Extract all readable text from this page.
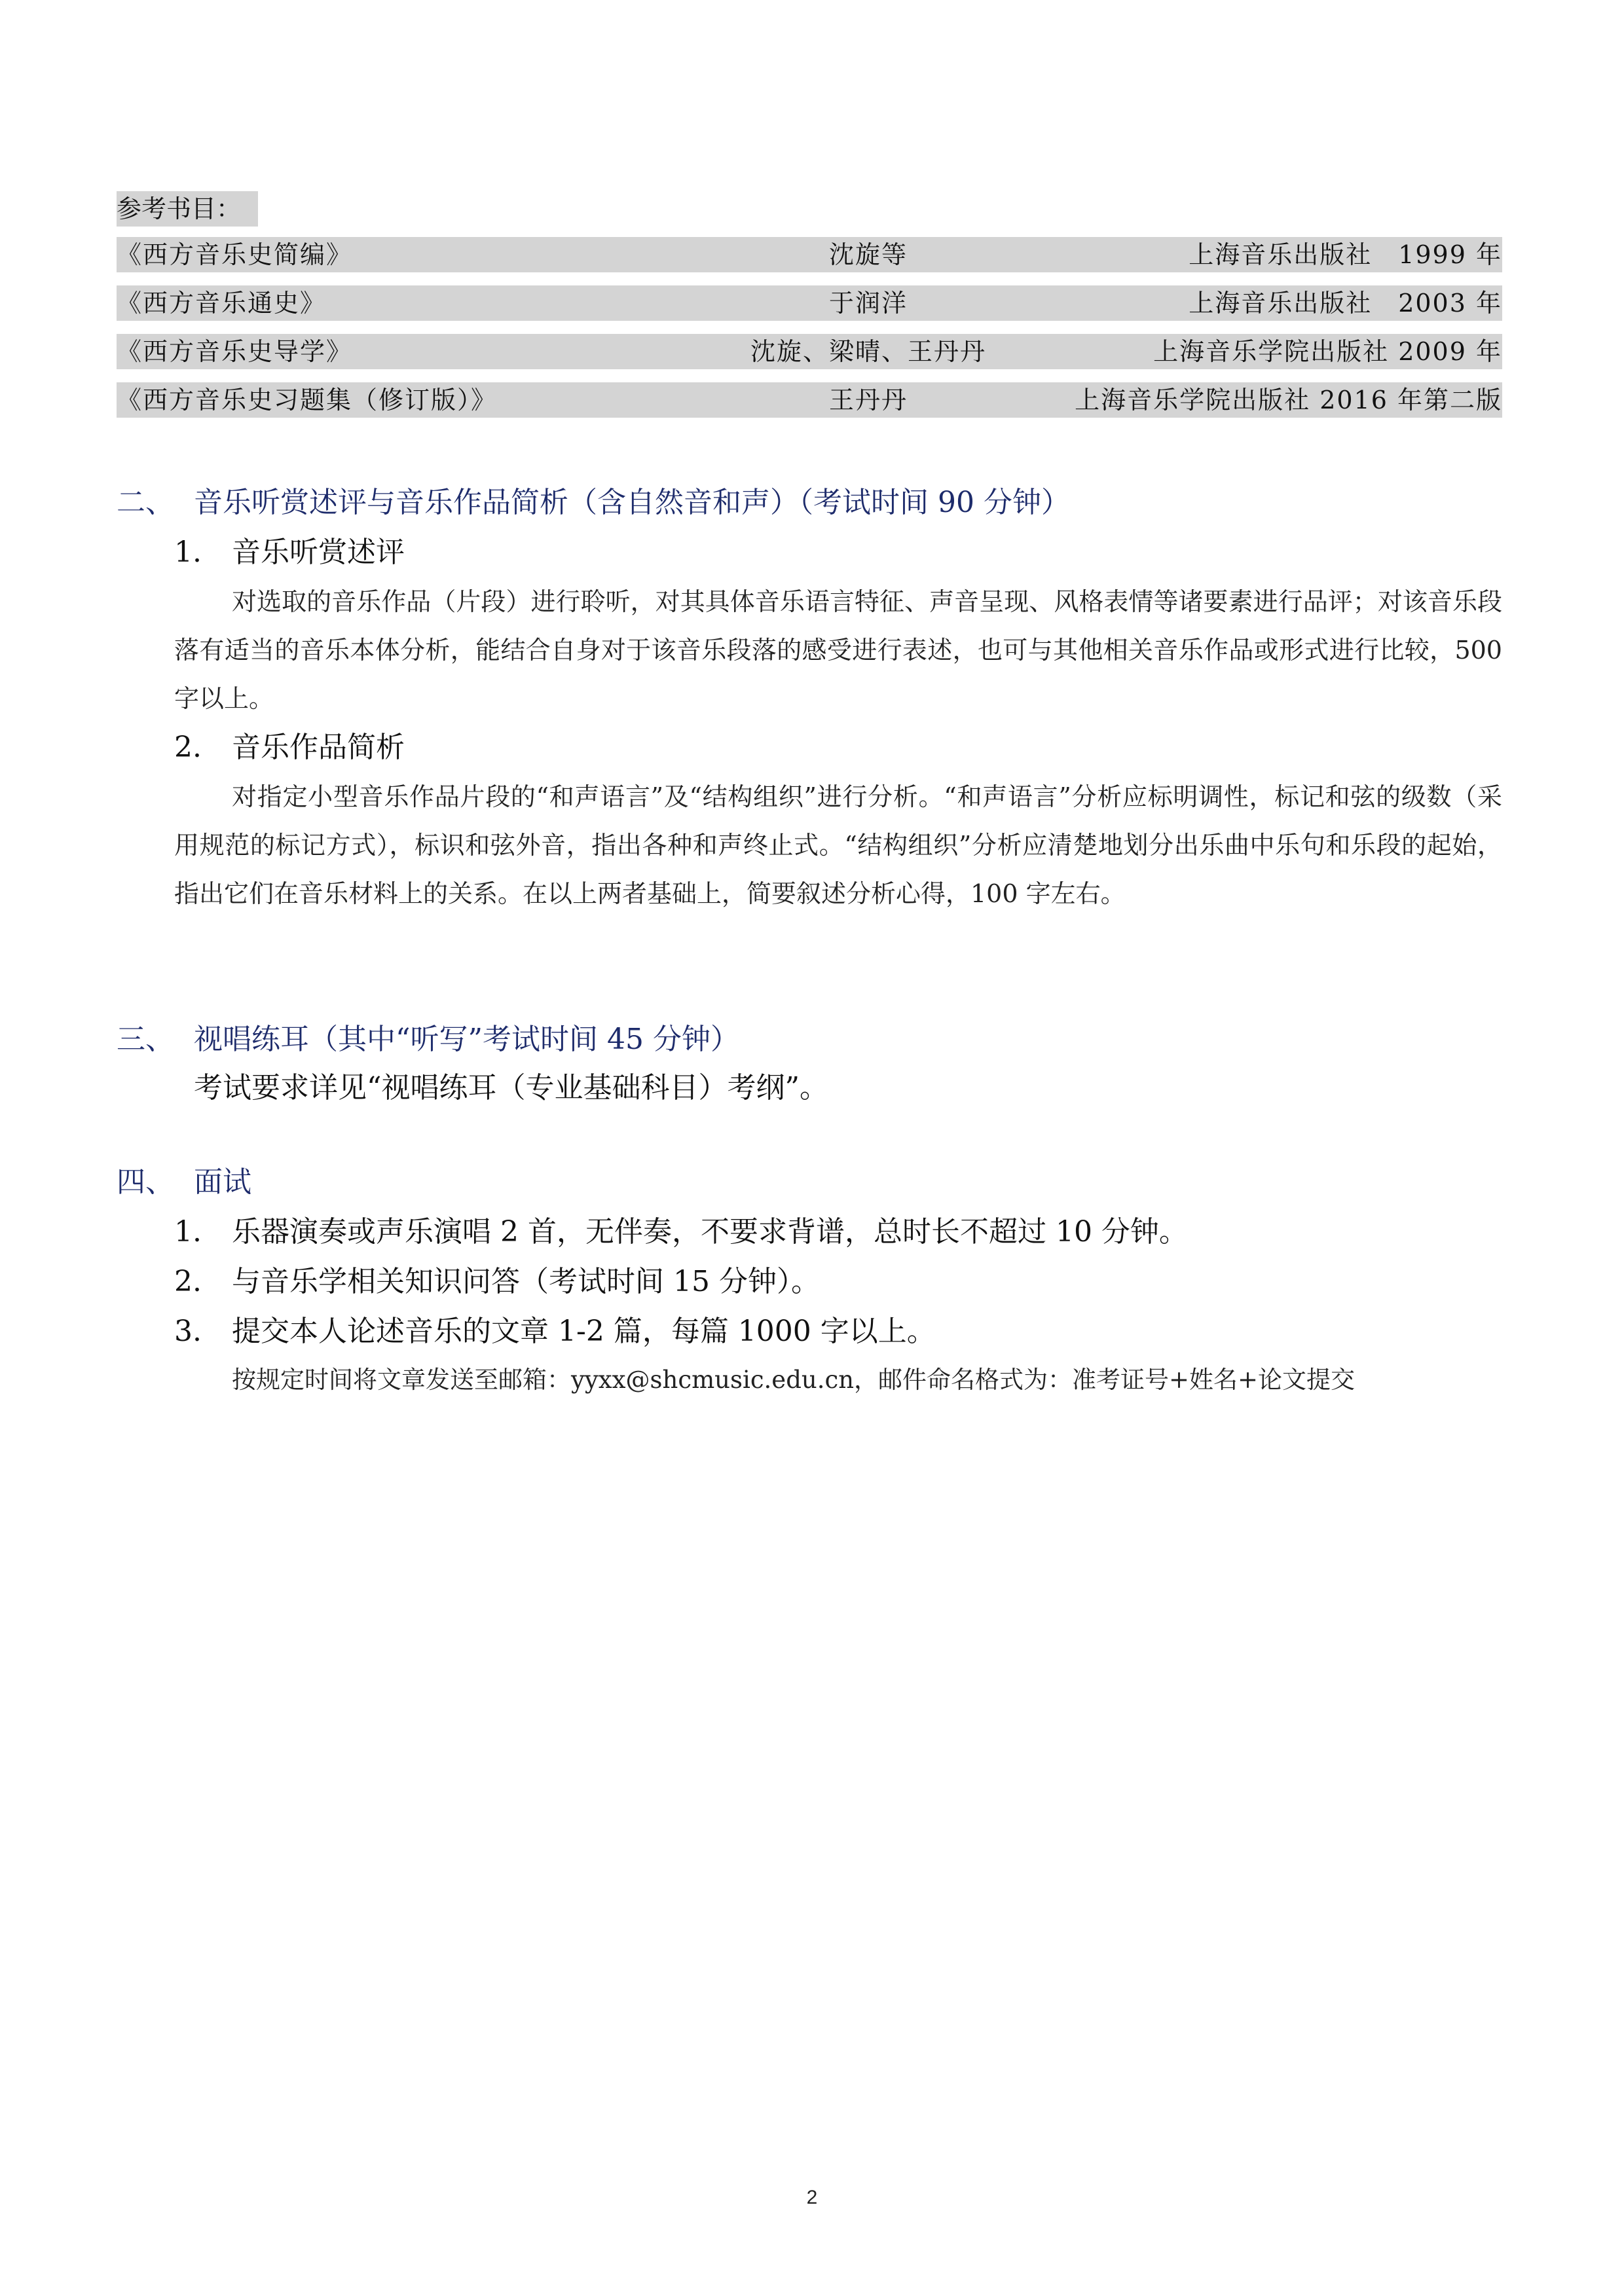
参考书目：
《西方音乐史简编》	沈旋等	上海音乐出版社　1999 年
《西方音乐通史》	于润洋	上海音乐出版社　2003 年
《西方音乐史导学》	沈旋、梁晴、王丹丹	上海音乐学院出版社 2009 年
《西方音乐史习题集（修订版）》	王丹丹	上海音乐学院出版社 2016 年第二版
二、 音乐听赏述评与音乐作品简析（含自然音和声）（考试时间 90 分钟）
1. 音乐听赏述评
对选取的音乐作品（片段）进行聆听，对其具体音乐语言特征、声音呈现、风格表情等诸要素进行品评；对该音乐段落有适当的音乐本体分析，能结合自身对于该音乐段落的感受进行表述，也可与其他相关音乐作品或形式进行比较，500 字以上。
2. 音乐作品简析
对指定小型音乐作品片段的“和声语言”及“结构组织”进行分析。“和声语言”分析应标明调性，标记和弦的级数（采用规范的标记方式），标识和弦外音，指出各种和声终止式。“结构组织”分析应清楚地划分出乐曲中乐句和乐段的起始，指出它们在音乐材料上的关系。在以上两者基础上，简要叙述分析心得，100 字左右。
三、 视唱练耳（其中“听写”考试时间 45 分钟）
考试要求详见“视唱练耳（专业基础科目）考纲”。
四、 面试
1. 乐器演奏或声乐演唱 2 首，无伴奏，不要求背谱，总时长不超过 10 分钟。
2. 与音乐学相关知识问答（考试时间 15 分钟）。
3. 提交本人论述音乐的文章 1-2 篇，每篇 1000 字以上。
按规定时间将文章发送至邮箱：yyxx@shcmusic.edu.cn，邮件命名格式为：准考证号+姓名+论文提交
2
